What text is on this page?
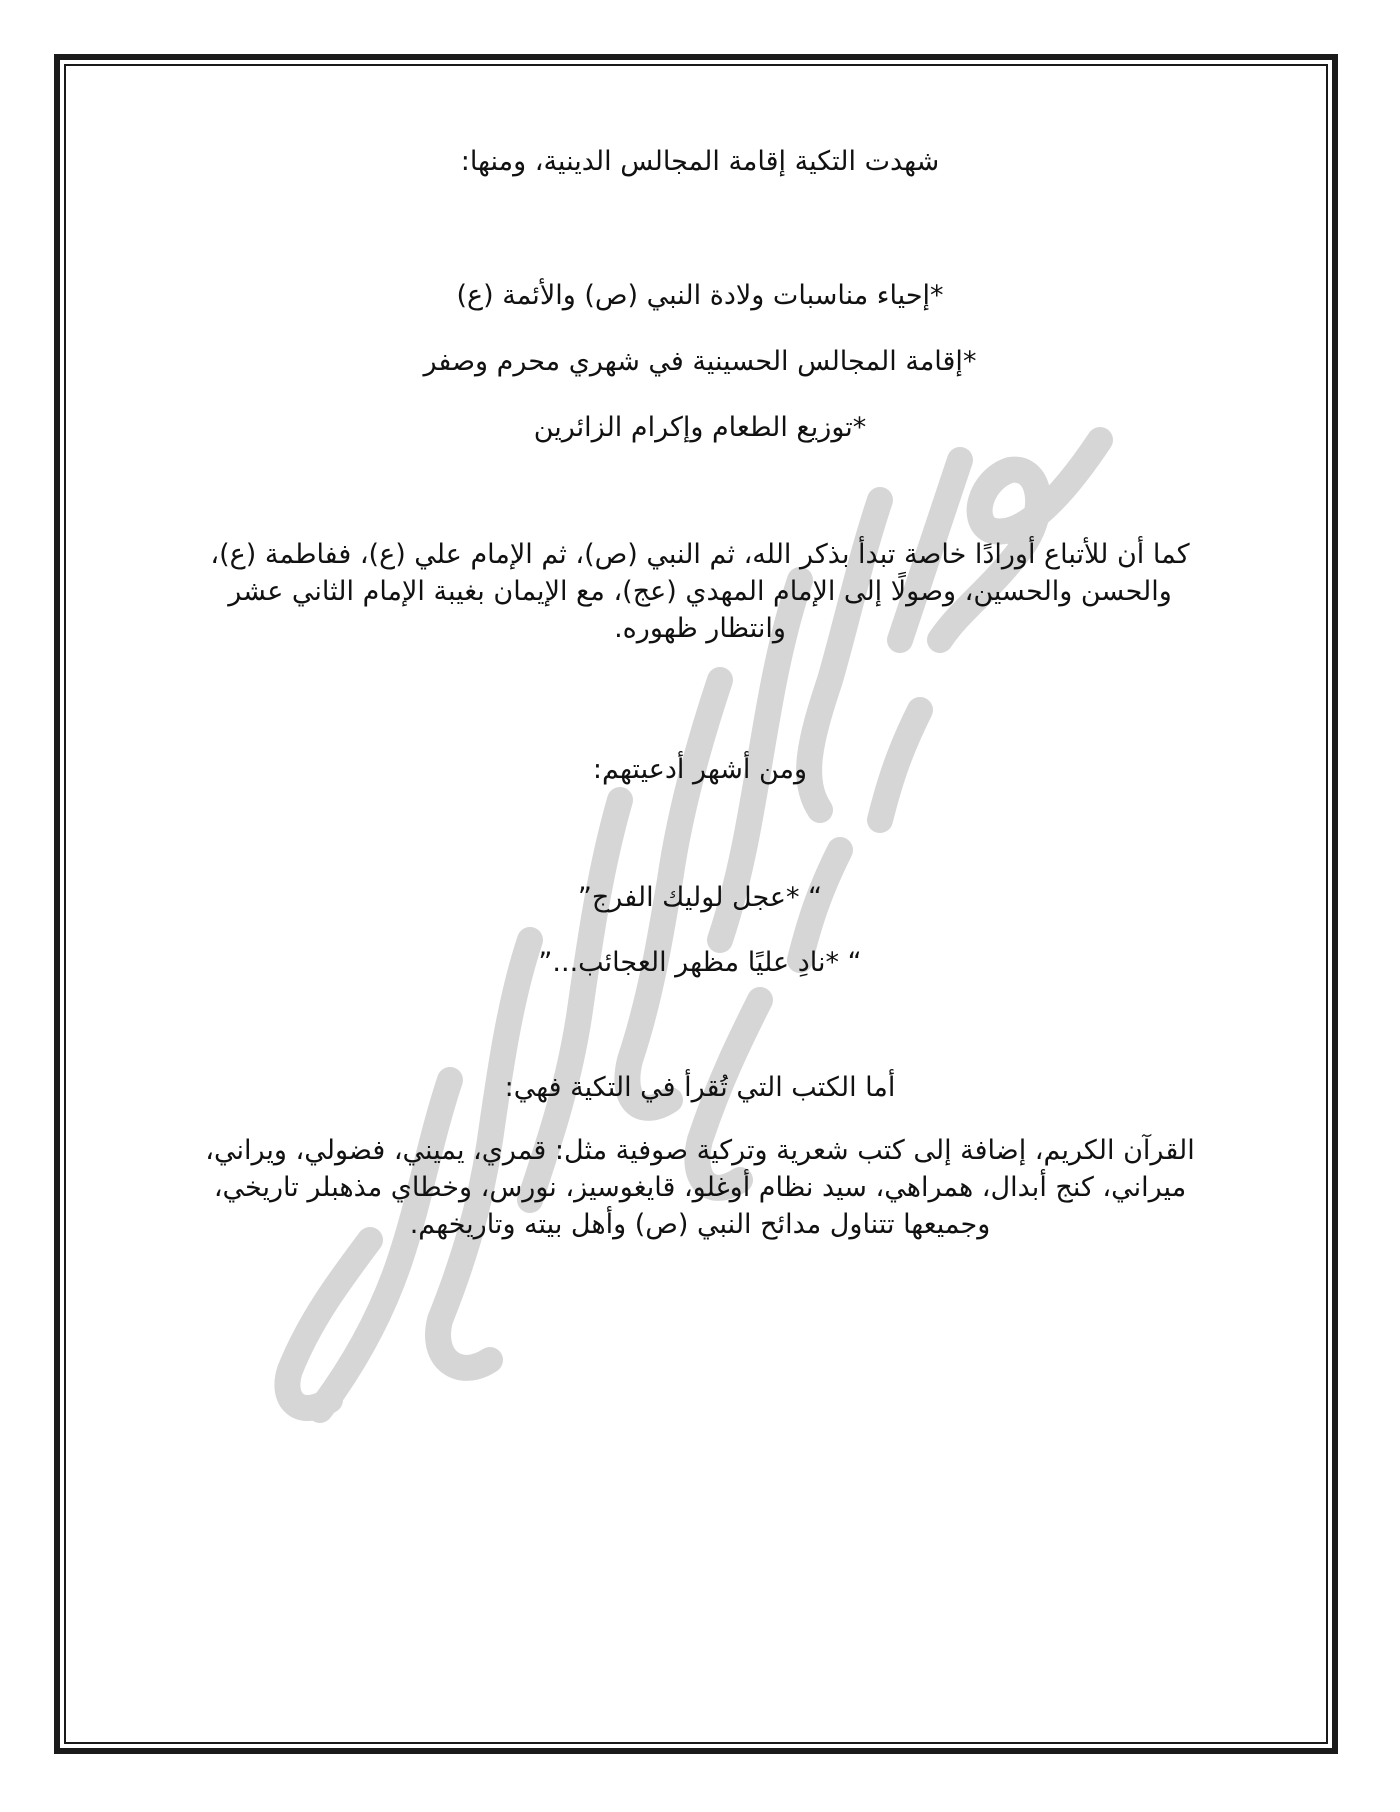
شهدت التكية إقامة المجالس الدينية، ومنها:
*إحياء مناسبات ولادة النبي (ص) والأئمة (ع)
*إقامة المجالس الحسينية في شهري محرم وصفر
*توزيع الطعام وإكرام الزائرين
كما أن للأتباع أورادًا خاصة تبدأ بذكر الله، ثم النبي (ص)، ثم الإمام علي (ع)، ففاطمة (ع)،
والحسن والحسين، وصولًا إلى الإمام المهدي (عج)، مع الإيمان بغيبة الإمام الثاني عشر
وانتظار ظهوره.
ومن أشهر أدعيتهم:
“ *عجل لوليك الفرج”
“ *نادِ عليًا مظهر العجائب...”
أما الكتب التي تُقرأ في التكية فهي:
القرآن الكريم، إضافة إلى كتب شعرية وتركية صوفية مثل: قمري، يميني، فضولي، ويراني،
ميراني، كنج أبدال، همراهي، سيد نظام أوغلو، قايغوسيز، نورس، وخطاي مذهبلر تاريخي،
وجميعها تتناول مدائح النبي (ص) وأهل بيته وتاريخهم.
